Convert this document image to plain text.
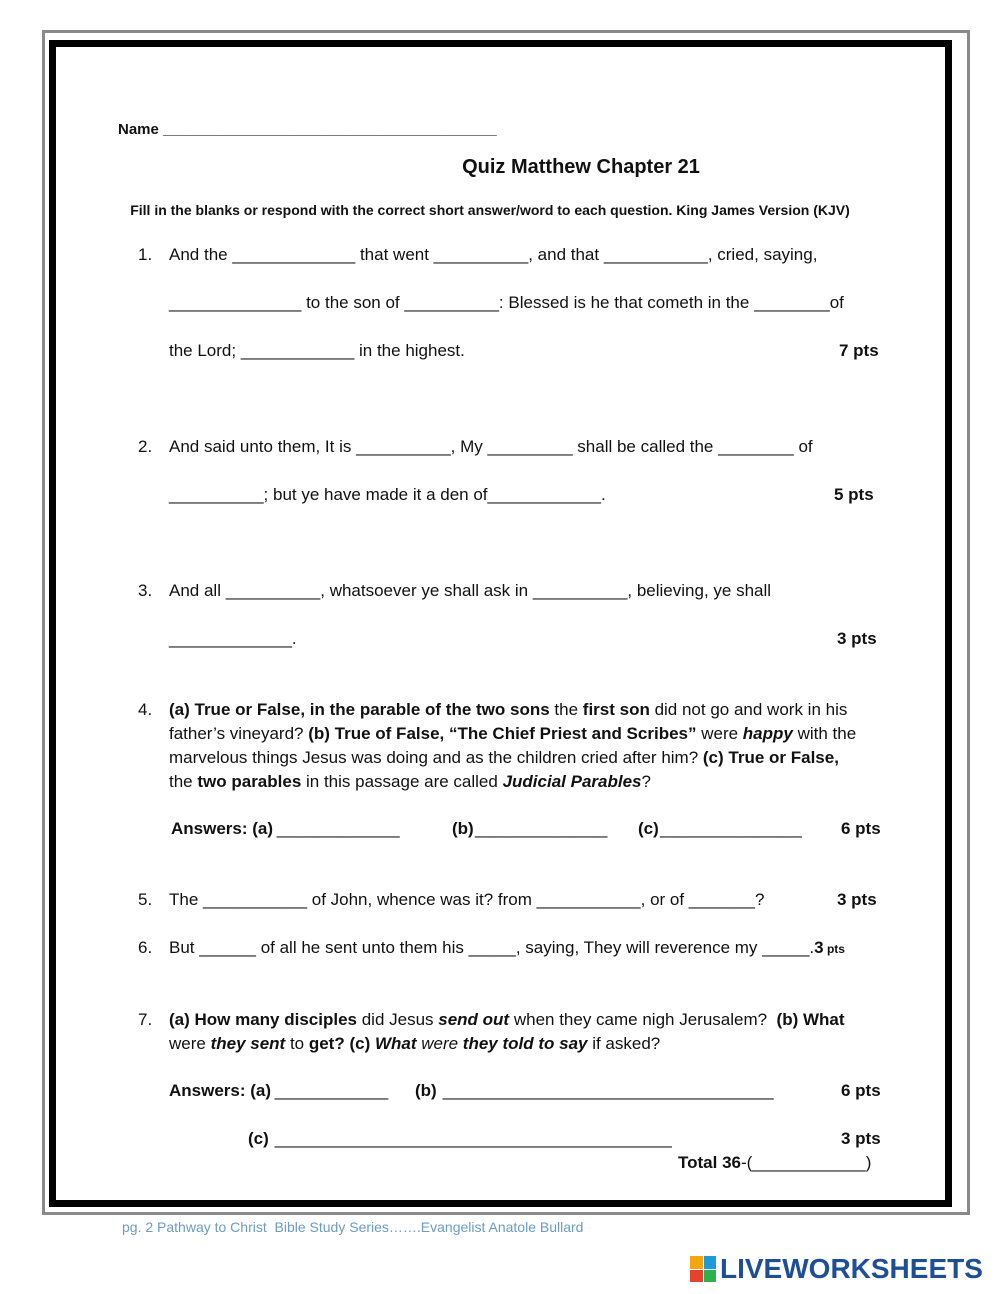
Name ________________________________________
Quiz Matthew Chapter 21
Fill in the blanks or respond with the correct short answer/word to each question. King James Version (KJV)
1. And the _____________ that went __________, and that ___________, cried, saying,
______________ to the son of __________: Blessed is he that cometh in the ________of
the Lord; ____________ in the highest.	7 pts
2. And said unto them, It is __________, My _________ shall be called the ________ of
__________; but ye have made it a den of____________.	5 pts
3. And all __________, whatsoever ye shall ask in __________, believing, ye shall
_____________.	3 pts
4. (a) True or False, in the parable of the two sons the first son did not go and work in his
father’s vineyard? (b) True of False, “The Chief Priest and Scribes” were happy with the
marvelous things Jesus was doing and as the children cried after him? (c) True or False,
the two parables in this passage are called Judicial Parables?
Answers: (a)
_____________	(b) ______________ (c) _______________ 6 pts
5. The ___________ of John, whence was it? from ___________, or of _______?	3 pts
6. But ______ of all he sent unto them his _____, saying, They will reverence my _____.3 pts
7. (a) How many disciples did Jesus send out when they came nigh Jerusalem?  (b) What
were they sent to get? (c) What were they told to say if asked?
Answers: (a)
____________ (b) ___________________________________	6 pts
(c) __________________________________________	3 pts
Total 36-(____________)
pg. 2 Pathway to Christ  Bible Study Series…….Evangelist Anatole Bullard
LIVEWORKSHEETS
